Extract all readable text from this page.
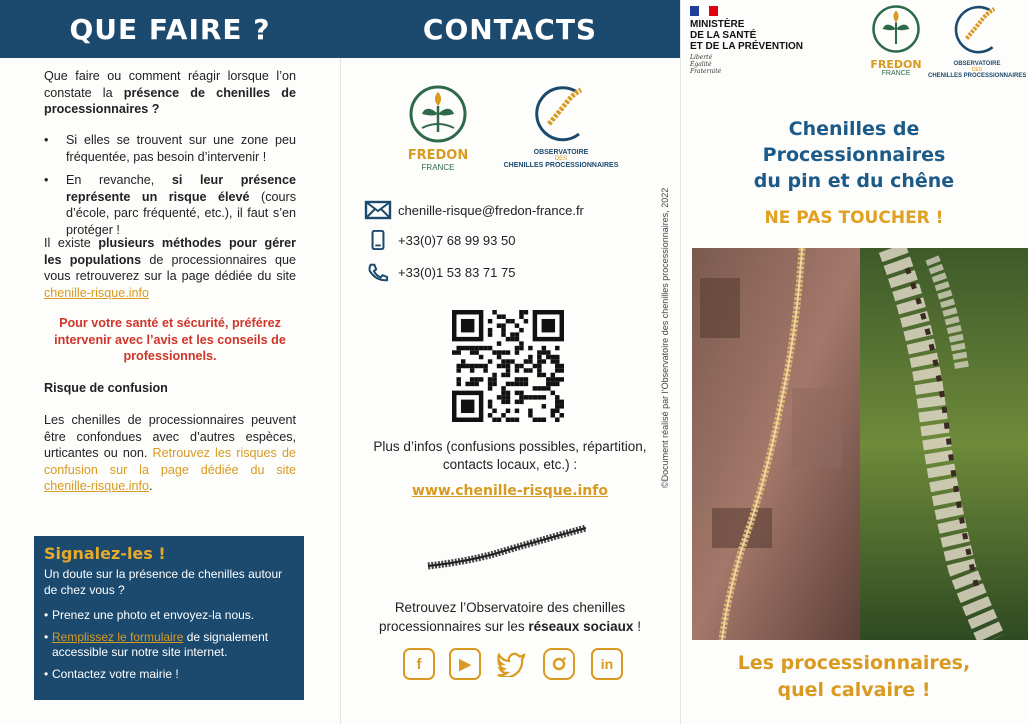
QUE FAIRE ?
Que faire ou comment réagir lorsque l’on constate la présence de chenilles de processionnaires ?
• Si elles se trouvent sur une zone peu fréquentée, pas besoin d’intervenir !
• En revanche, si leur présence représente un risque élevé (cours d’école, parc fréquenté, etc.), il faut s’en protéger !
Il existe plusieurs méthodes pour gérer les populations de processionnaires que vous retrouverez sur la page dédiée du site chenille-risque.info
Pour votre santé et sécurité, préférez intervenir avec l’avis et les conseils de professionnels.
Risque de confusion
Les chenilles de processionnaires peuvent être confondues avec d’autres espèces, urticantes ou non. Retrouvez les risques de confusion sur la page dédiée du site chenille-risque.info.
Signalez-les !

Un doute sur la présence de chenilles autour de chez vous ?

• Prenez une photo et envoyez-la nous.
• Remplissez le formulaire de signalement accessible sur notre site internet.
• Contactez votre mairie !
CONTACTS
FREDON
FRANCE
OBSERVATOIRE
DES
CHENILLES PROCESSIONNAIRES
chenille-risque@fredon-france.fr
+33(0)7 68 99 93 50
+33(0)1 53 83 71 75
Plus d’infos (confusions possibles, répartition, contacts locaux, etc.) :
www.chenille-risque.info
Retrouvez l’Observatoire des chenilles processionnaires sur les réseaux sociaux !
f	▶	in
©Document réalisé par l’Observatoire des chenilles processionnaires, 2022
MINISTÈRE
DE LA SANTÉ
ET DE LA PRÉVENTION
Liberté
Égalité
Fraternité
FREDON
FRANCE
OBSERVATOIRE
DES
CHENILLES PROCESSIONNAIRES
Chenilles de
Processionnaires
du pin et du chêne
NE PAS TOUCHER !
Les processionnaires,
quel calvaire !
